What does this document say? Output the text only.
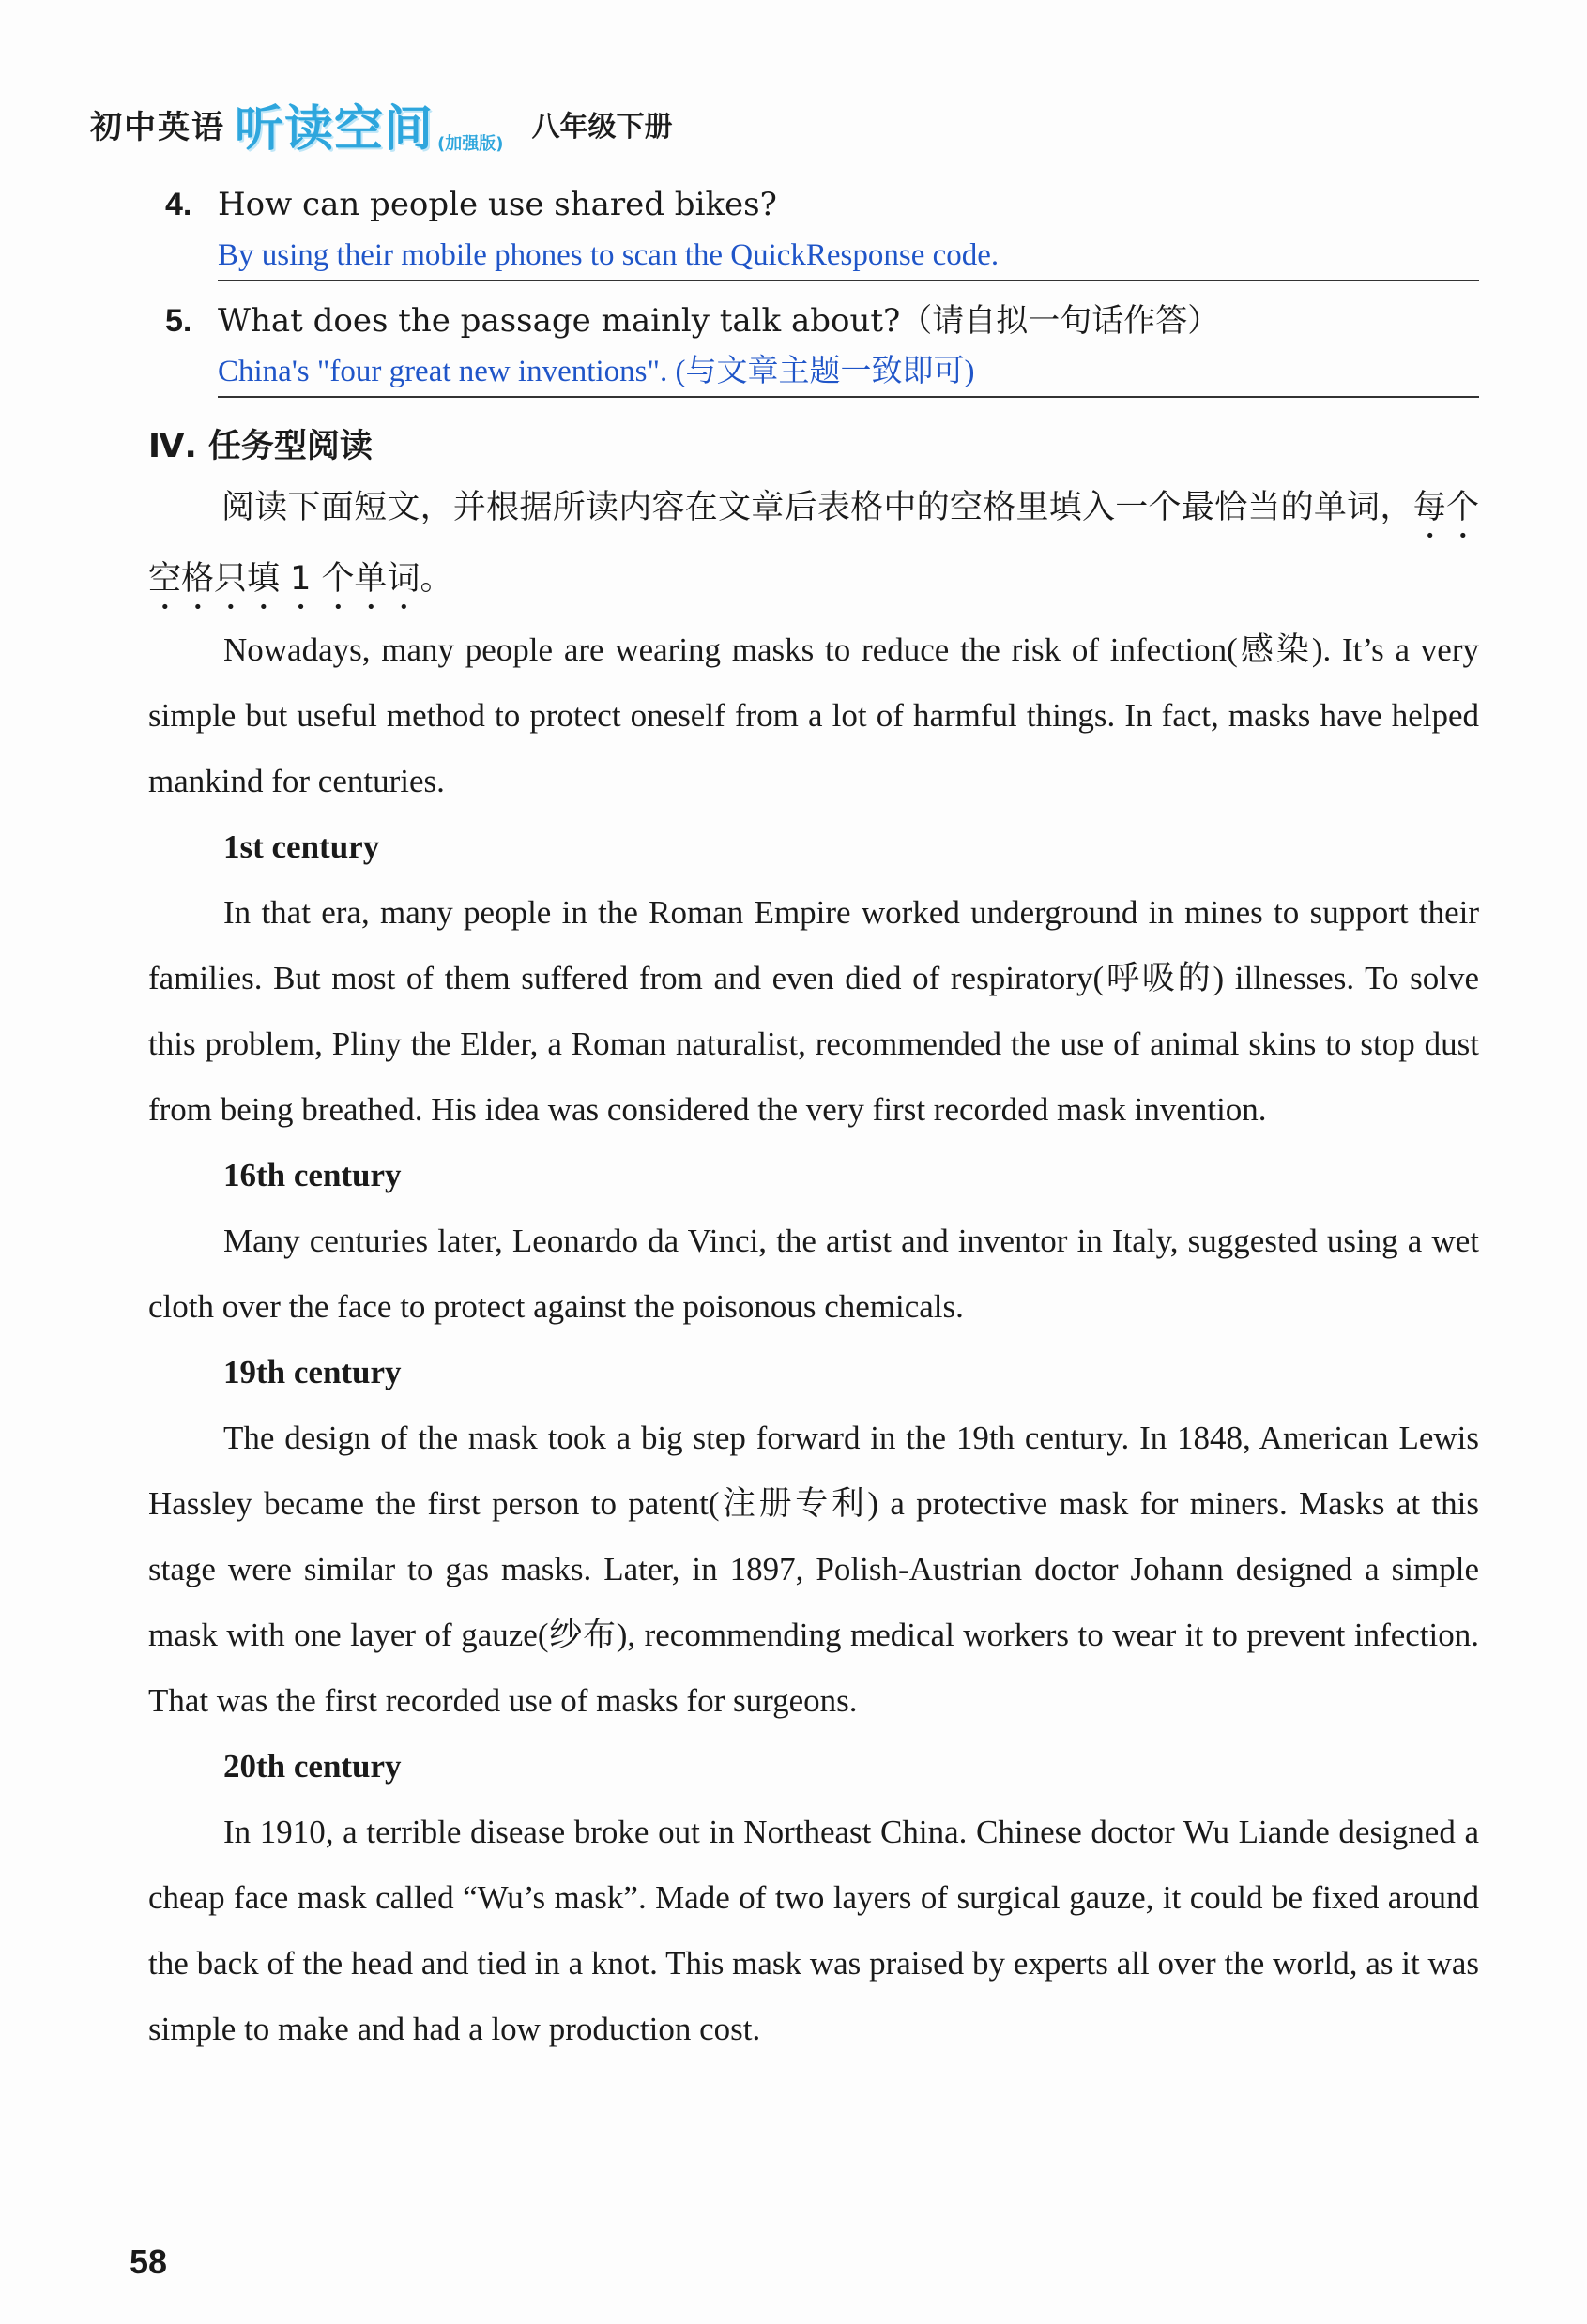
初中英语 听读空间 (加强版)
八年级下册
4. How can people use shared bikes?
By using their mobile phones to scan the QuickResponse code.
5. What does the passage mainly talk about?（请自拟一句话作答）
China's "four great new inventions". (与文章主题一致即可)
Ⅳ. 任务型阅读
阅读下面短文，并根据所读内容在文章后表格中的空格里填入一个最恰当的单词，每个空格只填 1 个单词。

Nowadays, many people are wearing masks to reduce the risk of infection(感染). It’s a very simple but useful method to protect oneself from a lot of harmful things. In fact, masks have helped mankind for centuries.

1st century

In that era, many people in the Roman Empire worked underground in mines to support their families. But most of them suffered from and even died of respiratory(呼吸的) illnesses. To solve this problem, Pliny the Elder, a Roman naturalist, recommended the use of animal skins to stop dust from being breathed. His idea was considered the very first recorded mask invention.

16th century

Many centuries later, Leonardo da Vinci, the artist and inventor in Italy, suggested using a wet cloth over the face to protect against the poisonous chemicals.

19th century

The design of the mask took a big step forward in the 19th century. In 1848, American Lewis Hassley became the first person to patent(注册专利) a protective mask for miners. Masks at this stage were similar to gas masks. Later, in 1897, Polish-Austrian doctor Johann designed a simple mask with one layer of gauze(纱布), recommending medical workers to wear it to prevent infection. That was the first recorded use of masks for surgeons.

20th century

In 1910, a terrible disease broke out in Northeast China. Chinese doctor Wu Liande designed a cheap face mask called “Wu’s mask”. Made of two layers of surgical gauze, it could be fixed around the back of the head and tied in a knot. This mask was praised by experts all over the world, as it was simple to make and had a low production cost.

58
